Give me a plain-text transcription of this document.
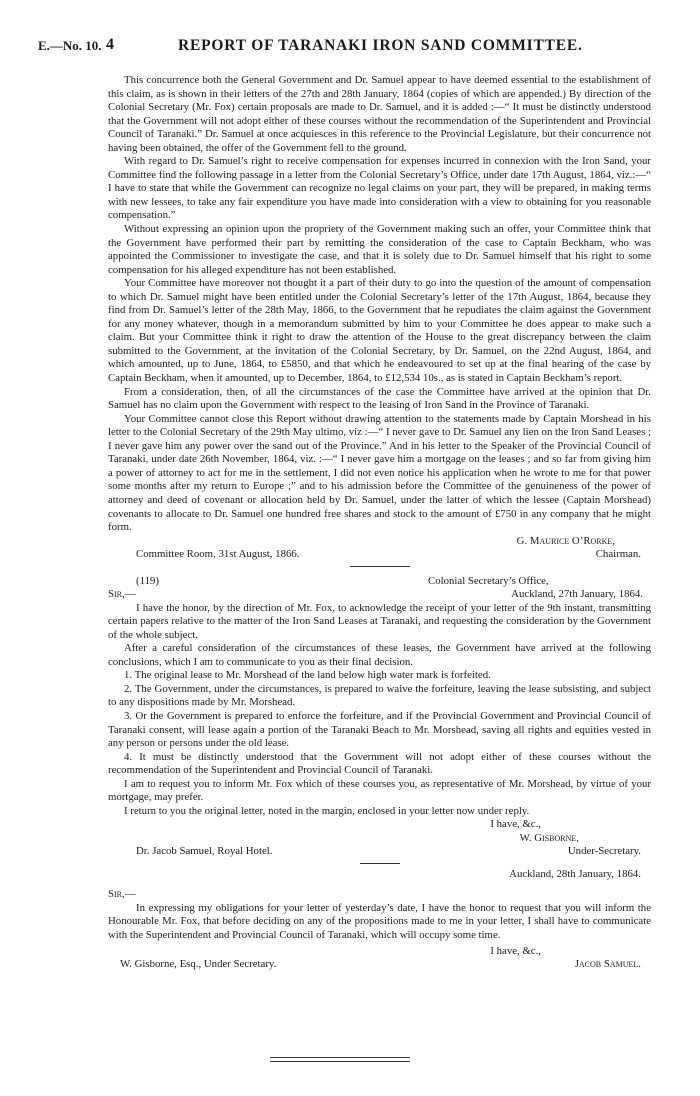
E.—No. 10. 4	REPORT OF TARANAKI IRON SAND COMMITTEE.

This concurrence both the General Government and Dr. Samuel appear to have deemed essential to the establishment of this claim, as is shown in their letters of the 27th and 28th January, 1864 (copies of which are appended.) By direction of the Colonial Secretary (Mr. Fox) certain proposals are made to Dr. Samuel, and it is added :—“ It must be distinctly understood that the Government will not adopt either of these courses without the recommendation of the Superintendent and Provincial Council of Taranaki.” Dr. Samuel at once acquiesces in this reference to the Provincial Legislature, but their concurrence not having been obtained, the offer of the Government fell to the ground.

With regard to Dr. Samuel’s right to receive compensation for expenses incurred in connexion with the Iron Sand, your Committee find the following passage in a letter from the Colonial Secretary’s Office, under date 17th August, 1864, viz.:—“ I have to state that while the Government can recognize no legal claims on your part, they will be prepared, in making terms with new lessees, to take any fair expenditure you have made into consideration with a view to obtaining for you reasonable compensation.”

Without expressing an opinion upon the propriety of the Government making such an offer, your Committee think that the Government have performed their part by remitting the consideration of the case to Captain Beckham, who was appointed the Commissioner to investigate the case, and that it is solely due to Dr. Samuel himself that his right to some compensation for his alleged expenditure has not been established.

Your Committee have moreover not thought it a part of their duty to go into the question of the amount of compensation to which Dr. Samuel might have been entitled under the Colonial Secretary’s letter of the 17th August, 1864, because they find from Dr. Samuel’s letter of the 28th May, 1866, to the Government that he repudiates the claim against the Government for any money whatever, though in a memorandum submitted by him to your Committee he does appear to make such a claim. But your Committee think it right to draw the attention of the House to the great discrepancy between the claim submitted to the Government, at the invitation of the Colonial Secretary, by Dr. Samuel, on the 22nd August, 1864, and which amounted, up to June, 1864, to £5850, and that which he endeavoured to set up at the final hearing of the case by Captain Beckham, when it amounted, up to December, 1864, to £12,534 10s., as is stated in Captain Beckham’s report.

From a consideration, then, of all the circumstances of the case the Committee have arrived at the opinion that Dr. Samuel has no claim upon the Government with respect to the leasing of Iron Sand in the Province of Taranaki.

Your Committee cannot close this Report without drawing attention to the statements made by Captain Morshead in his letter to the Colonial Secretary of the 29th May ultimo, viz :—“ I never gave to Dr. Samuel any lien on the Iron Sand Leases ; I never gave him any power over the sand out of the Province.” And in his letter to the Speaker of the Provincial Council of Taranaki, under date 26th November, 1864, viz. :—“ I never gave him a mortgage on the leases ; and so far from giving him a power of attorney to act for me in the settlement, I did not even notice his application when he wrote to me for that power some months after my return to Europe ;” and to his admission before the Committee of the genuineness of the power of attorney and deed of covenant or allocation held by Dr. Samuel, under the latter of which the lessee (Captain Morshead) covenants to allocate to Dr. Samuel one hundred free shares and stock to the amount of £750 in any company that he might form.

G. Maurice O’Rorke,
Committee Room, 31st August, 1866.	Chairman.
(119)	Colonial Secretary’s Office,
Sir,—	Auckland, 27th January, 1864.

I have the honor, by the direction of Mr. Fox, to acknowledge the receipt of your letter of the 9th instant, transmitting certain papers relative to the matter of the Iron Sand Leases at Taranaki, and requesting the consideration by the Government of the whole subject.

After a careful consideration of the circumstances of these leases, the Government have arrived at the following conclusions, which I am to communicate to you as their final decision.

1. The original lease to Mr. Morshead of the land below high water mark is forfeited.

2. The Government, under the circumstances, is prepared to waive the forfeiture, leaving the lease subsisting, and subject to any dispositions made by Mr. Morshead.

3. Or the Government is prepared to enforce the forfeiture, and if the Provincial Government and Provincial Council of Taranaki consent, will lease again a portion of the Taranaki Beach to Mr. Morshead, saving all rights and equities vested in any person or persons under the old lease.

4. It must be distinctly understood that the Government will not adopt either of these courses without the recommendation of the Superintendent and Provincial Council of Taranaki.

I am to request you to inform Mr. Fox which of these courses you, as representative of Mr. Morshead, by virtue of your mortgage, may prefer.

I return to you the original letter, noted in the margin, enclosed in your letter now under reply.

I have, &c.,
W. Gisborne,
Dr. Jacob Samuel, Royal Hotel.	Under-Secretary.
Auckland, 28th January, 1864.

Sir,—

In expressing my obligations for your letter of yesterday’s date, I have the honor to request that you will inform the Honourable Mr. Fox, that before deciding on any of the propositions made to me in your letter, I shall have to communicate with the Superintendent and Provincial Council of Taranaki, which will occupy some time.

I have, &c.,
W. Gisborne, Esq., Under Secretary.	Jacob Samuel.
